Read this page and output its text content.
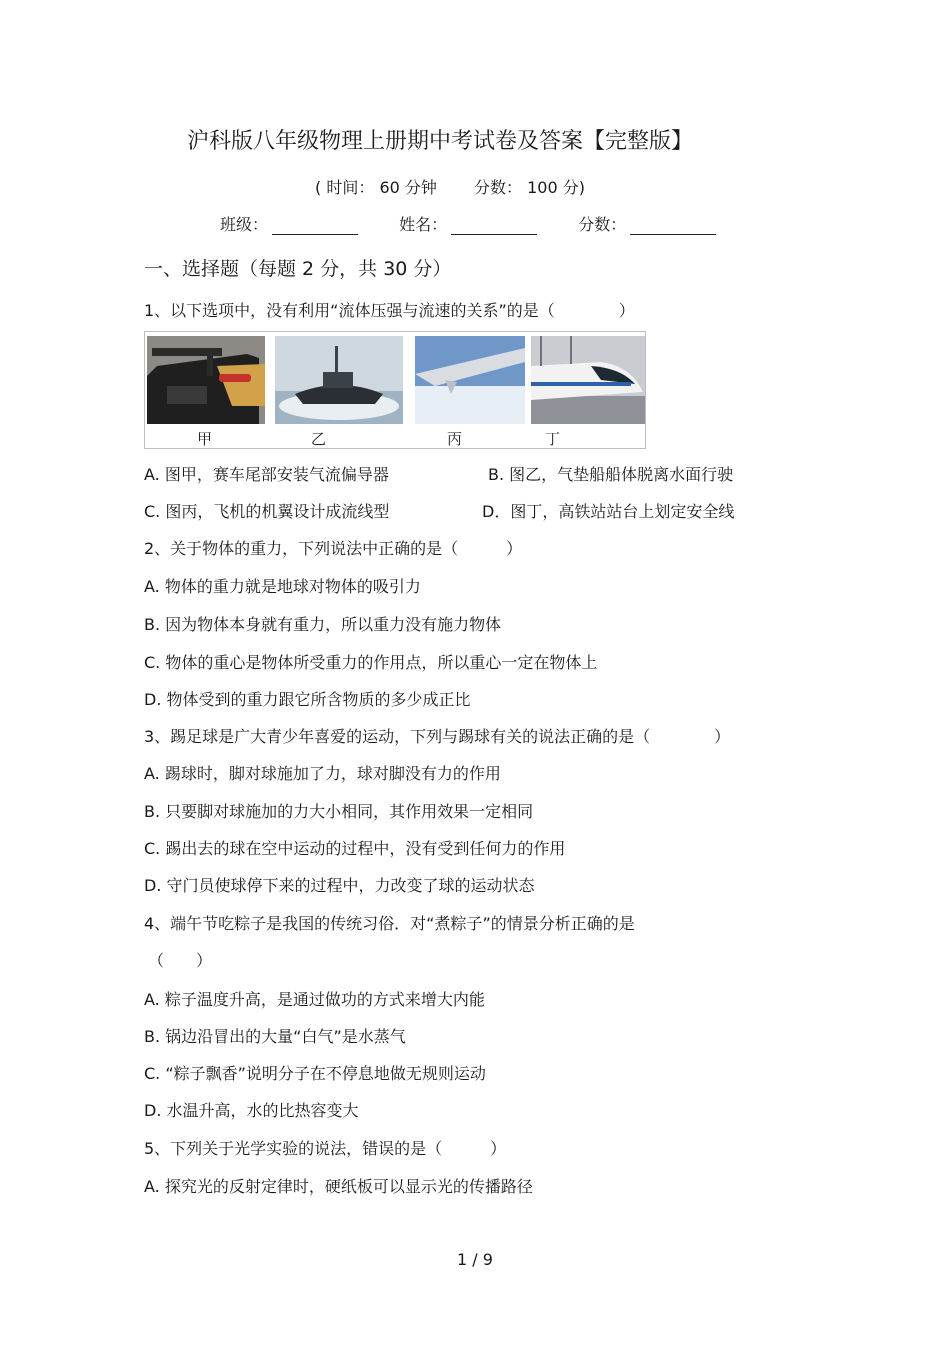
沪科版八年级物理上册期中考试卷及答案【完整版】
( 时间： 60 分钟 分数： 100 分)
班级：	姓名：	分数：
一、选择题（每题 2 分，共 30 分）
1、以下选项中，没有利用“流体压强与流速的关系”的是（　　　　）
甲	乙	丙	丁
A. 图甲，赛车尾部安装气流偏导器	B. 图乙，气垫船船体脱离水面行驶
C. 图丙，飞机的机翼设计成流线型	D．图丁，高铁站站台上划定安全线
2、关于物体的重力，下列说法中正确的是（　　　）
A. 物体的重力就是地球对物体的吸引力
B. 因为物体本身就有重力，所以重力没有施力物体
C. 物体的重心是物体所受重力的作用点，所以重心一定在物体上
D. 物体受到的重力跟它所含物质的多少成正比
3、踢足球是广大青少年喜爱的运动，下列与踢球有关的说法正确的是（　　　　）
A. 踢球时，脚对球施加了力，球对脚没有力的作用
B. 只要脚对球施加的力大小相同，其作用效果一定相同
C. 踢出去的球在空中运动的过程中，没有受到任何力的作用
D. 守门员使球停下来的过程中，力改变了球的运动状态
4、端午节吃粽子是我国的传统习俗．对“煮粽子”的情景分析正确的是
（　　）
A. 粽子温度升高，是通过做功的方式来增大内能
B. 锅边沿冒出的大量“白气”是水蒸气
C. “粽子飘香”说明分子在不停息地做无规则运动
D. 水温升高，水的比热容变大
5、下列关于光学实验的说法，错误的是（　　　）
A. 探究光的反射定律时，硬纸板可以显示光的传播路径
1 / 9
